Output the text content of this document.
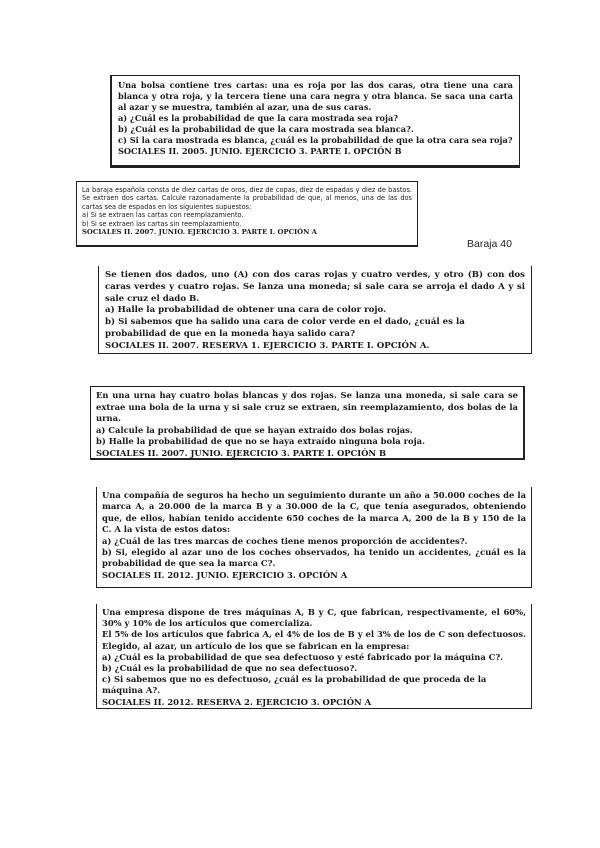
Una bolsa contiene tres cartas: una es roja por las dos caras, otra tiene una cara blanca y otra roja, y la tercera tiene una cara negra y otra blanca. Se saca una carta al azar y se muestra, también al azar, una de sus caras.

a) ¿Cuál es la probabilidad de que la cara mostrada sea roja?

b) ¿Cuál es la probabilidad de que la cara mostrada sea blanca?.

c) Si la cara mostrada es blanca, ¿cuál es la probabilidad de que la otra cara sea roja?

SOCIALES II. 2005. JUNIO. EJERCICIO 3. PARTE I. OPCIÓN B

La baraja española consta de diez cartas de oros, diez de copas, diez de espadas y diez de bastos. Se extraen dos cartas. Calcule razonadamente la probabilidad de que, al menos, una de las dos cartas sea de espadas en los siguientes supuestos:

a) Si se extraen las cartas con reemplazamiento.

b) Si se extraen las cartas sin reemplazamiento.

SOCIALES II. 2007. JUNIO. EJERCICIO 3. PARTE I. OPCIÓN A

Baraja 40

Se tienen dos dados, uno (A) con dos caras rojas y cuatro verdes, y otro (B) con dos caras verdes y cuatro rojas. Se lanza una moneda; si sale cara se arroja el dado A y si sale cruz el dado B.

a) Halle la probabilidad de obtener una cara de color rojo.

b) Si sabemos que ha salido una cara de color verde en el dado, ¿cuál es la probabilidad de que en la moneda haya salido cara?

SOCIALES II. 2007. RESERVA 1. EJERCICIO 3. PARTE I. OPCIÓN A.

En una urna hay cuatro bolas blancas y dos rojas. Se lanza una moneda, si sale cara se extrae una bola de la urna y si sale cruz se extraen, sin reemplazamiento, dos bolas de la urna.

a) Calcule la probabilidad de que se hayan extraído dos bolas rojas.

b) Halle la probabilidad de que no se haya extraído ninguna bola roja.

SOCIALES II. 2007. JUNIO. EJERCICIO 3. PARTE I. OPCIÓN B

Una compañía de seguros ha hecho un seguimiento durante un año a 50.000 coches de la marca A, a 20.000 de la marca B y a 30.000 de la C, que tenía asegurados, obteniendo que, de ellos, habían tenido accidente 650 coches de la marca A, 200 de la B y 150 de la C. A la vista de estos datos:

a) ¿Cuál de las tres marcas de coches tiene menos proporción de accidentes?.

b) Si, elegido al azar uno de los coches observados, ha tenido un accidentes, ¿cuál es la probabilidad de que sea la marca C?.

SOCIALES II. 2012. JUNIO. EJERCICIO 3. OPCIÓN A

Una empresa dispone de tres máquinas A, B y C, que fabrican, respectivamente, el 60%, 30% y 10% de los artículos que comercializa.

El 5% de los artículos que fabrica A, el 4% de los de B y el 3% de los de C son defectuosos. Elegido, al azar, un artículo de los que se fabrican en la empresa:

a) ¿Cuál es la probabilidad de que sea defectuoso y esté fabricado por la máquina C?.

b) ¿Cuál es la probabilidad de que no sea defectuoso?.

c) Si sabemos que no es defectuoso, ¿cuál es la probabilidad de que proceda de la máquina A?.

SOCIALES II. 2012. RESERVA 2. EJERCICIO 3. OPCIÓN A
